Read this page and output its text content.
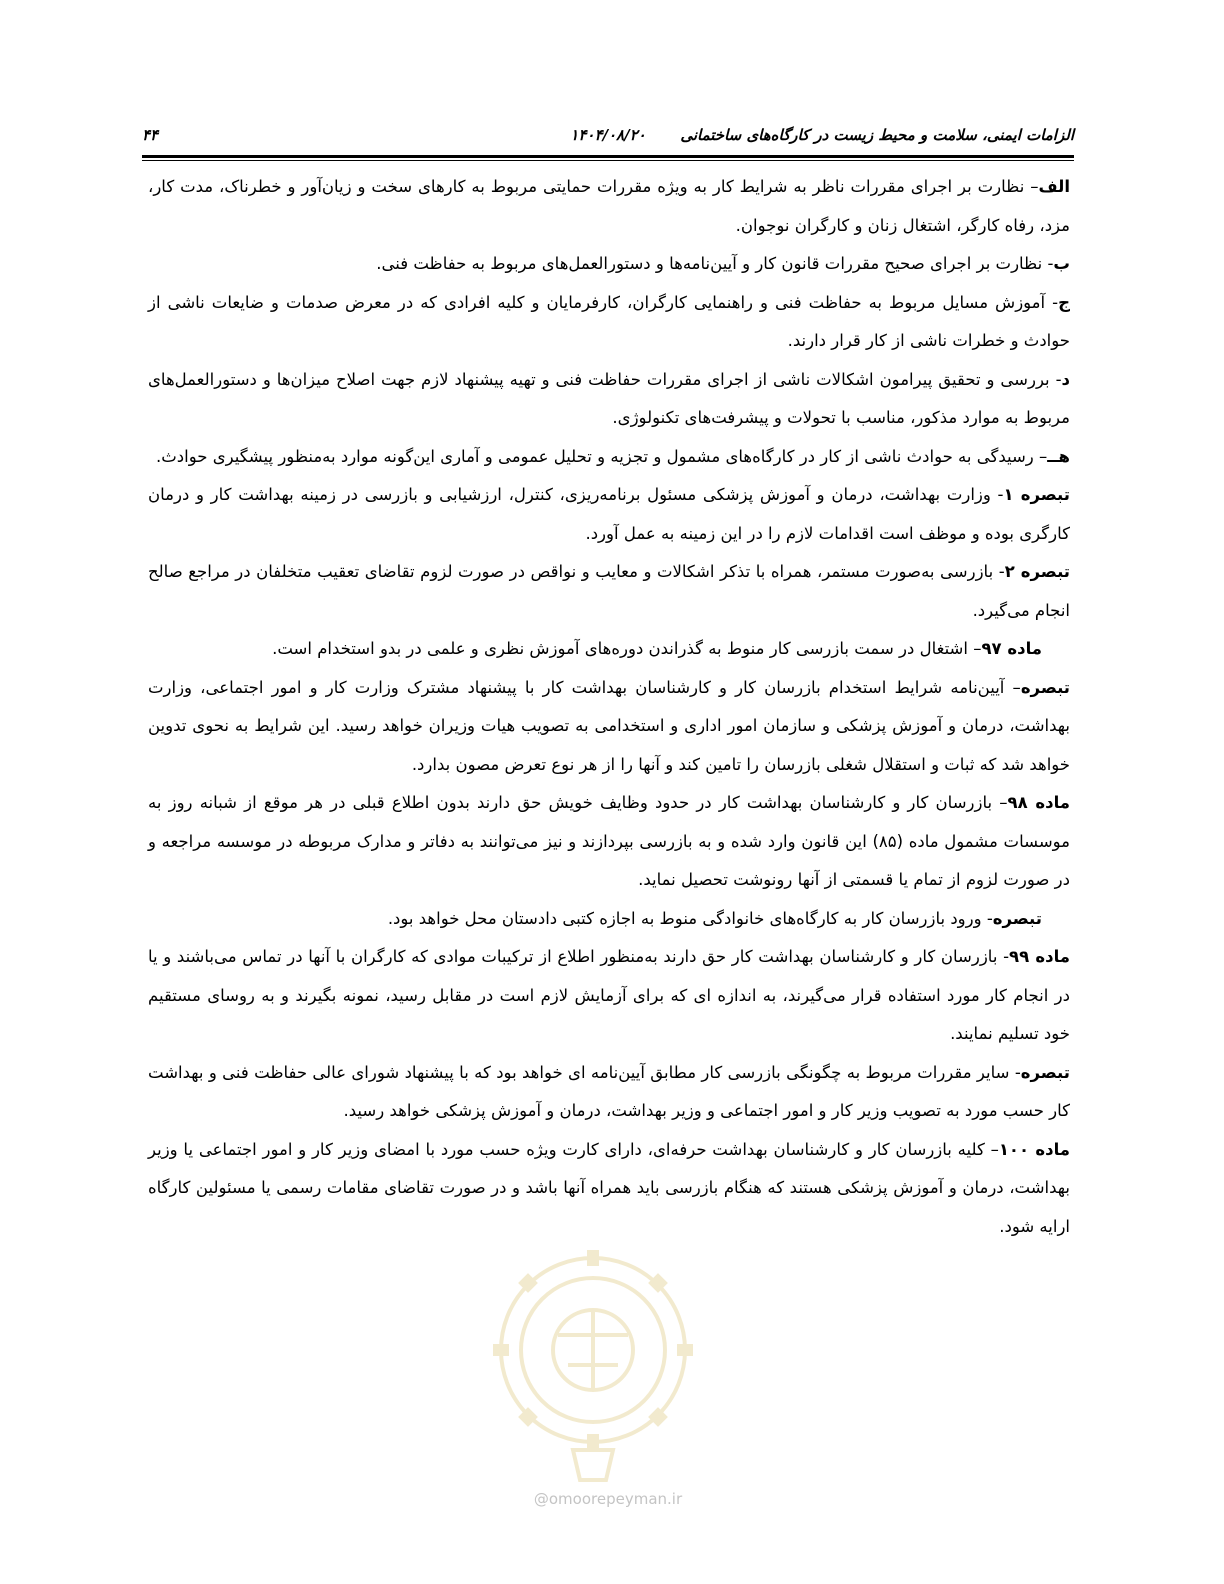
الزامات ایمنی، سلامت و محیط زیست در کارگاه‌های ساختمانی
۱۴۰۴/۰۸/۲۰
۴۴

الف– نظارت بر اجرای مقررات ناظر به شرایط کار به ویژه مقررات حمایتی مربوط به کارهای سخت و زیان‌آور و خطرناک، مدت کار، مزد، رفاه کارگر، اشتغال زنان و کارگران نوجوان.

ب- نظارت بر اجرای صحیح مقررات قانون کار و آیین‌نامه‌ها و دستورالعمل‌های مربوط به حفاظت فنی.

ج- آموزش مسایل مربوط به حفاظت فنی و راهنمایی کارگران، کارفرمایان و کلیه افرادی که در معرض صدمات و ضایعات ناشی از حوادث و خطرات ناشی از کار قرار دارند.

د- بررسی و تحقیق پیرامون اشکالات ناشی از اجرای مقررات حفاظت فنی و تهیه پیشنهاد لازم جهت اصلاح میزان‌ها و دستورالعمل‌های مربوط به موارد مذکور، مناسب با تحولات و پیشرفت‌های تکنولوژی.

هــ– رسیدگی به حوادث ناشی از کار در کارگاه‌های مشمول و تجزیه و تحلیل عمومی و آماری این‌گونه موارد به‌منظور پیشگیری حوادث.

تبصره ۱- وزارت بهداشت، درمان و آموزش پزشکی مسئول برنامه‌ریزی، کنترل، ارزشیابی و بازرسی در زمینه بهداشت کار و درمان کارگری بوده و موظف است اقدامات لازم را در این زمینه به عمل آورد.

تبصره ۲- بازرسی به‌صورت مستمر، همراه با تذکر اشکالات و معایب و نواقص در صورت لزوم تقاضای تعقیب متخلفان در مراجع صالح انجام می‌گیرد.

ماده ۹۷– اشتغال در سمت بازرسی کار منوط به گذراندن دوره‌های آموزش نظری و علمی در بدو استخدام است.

تبصره– آیین‌نامه شرایط استخدام بازرسان کار و کارشناسان بهداشت کار با پیشنهاد مشترک وزارت کار و امور اجتماعی، وزارت بهداشت، درمان و آموزش پزشکی و سازمان امور اداری و استخدامی به تصویب هیات وزیران خواهد رسید. این شرایط به نحوی تدوین خواهد شد که ثبات و استقلال شغلی بازرسان را تامین کند و آنها را از هر نوع تعرض مصون بدارد.

ماده ۹۸– بازرسان کار و کارشناسان بهداشت کار در حدود وظایف خویش حق دارند بدون اطلاع قبلی در هر موقع از شبانه روز به موسسات مشمول ماده (۸۵) این قانون وارد شده و به بازرسی بپردازند و نیز می‌توانند به دفاتر و مدارک مربوطه در موسسه مراجعه و در صورت لزوم از تمام یا قسمتی از آنها رونوشت تحصیل نماید.

تبصره- ورود بازرسان کار به کارگاه‌های خانوادگی منوط به اجازه کتبی دادستان محل خواهد بود.

ماده ۹۹- بازرسان کار و کارشناسان بهداشت کار حق دارند به‌منظور اطلاع از ترکیبات موادی که کارگران با آنها در تماس می‌باشند و یا در انجام کار مورد استفاده قرار می‌گیرند، به اندازه ای که برای آزمایش لازم است در مقابل رسید، نمونه بگیرند و به روسای مستقیم خود تسلیم نمایند.

تبصره- سایر مقررات مربوط به چگونگی بازرسی کار مطابق آیین‌نامه ای خواهد بود که با پیشنهاد شورای عالی حفاظت فنی و بهداشت کار حسب مورد به تصویب وزیر کار و امور اجتماعی و وزیر بهداشت، درمان و آموزش پزشکی خواهد رسید.

ماده ۱۰۰– کلیه بازرسان کار و کارشناسان بهداشت حرفه‌ای، دارای کارت ویژه حسب مورد با امضای وزیر کار و امور اجتماعی یا وزیر بهداشت، درمان و آموزش پزشکی هستند که هنگام بازرسی باید همراه آنها باشد و در صورت تقاضای مقامات رسمی یا مسئولین کارگاه ارایه شود.

@omoorepeyman.ir
